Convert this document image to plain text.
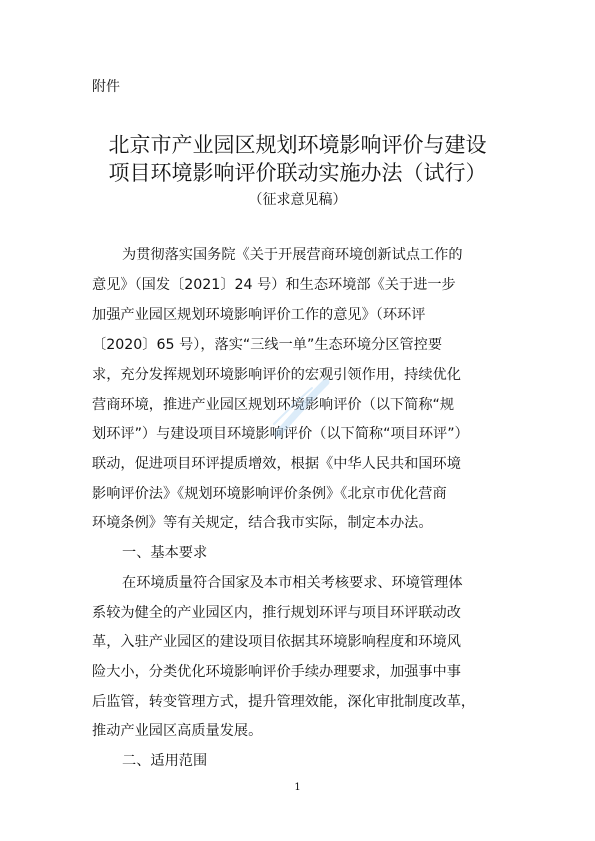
附件
北京市产业园区规划环境影响评价与建设
项目环境影响评价联动实施办法（试行）
（征求意见稿）
为贯彻落实国务院《关于开展营商环境创新试点工作的
意见》（国发〔2021〕24 号）和生态环境部《关于进一步
加强产业园区规划环境影响评价工作的意见》（环环评
〔2020〕65 号），落实“三线一单”生态环境分区管控要
求，充分发挥规划环境影响评价的宏观引领作用，持续优化
营商环境，推进产业园区规划环境影响评价（以下简称“规
划环评”）与建设项目环境影响评价（以下简称“项目环评”）
联动，促进项目环评提质增效，根据《中华人民共和国环境
影响评价法》《规划环境影响评价条例》《北京市优化营商
环境条例》等有关规定，结合我市实际，制定本办法。
一、基本要求
在环境质量符合国家及本市相关考核要求、环境管理体
系较为健全的产业园区内，推行规划环评与项目环评联动改
革，入驻产业园区的建设项目依据其环境影响程度和环境风
险大小，分类优化环境影响评价手续办理要求，加强事中事
后监管，转变管理方式，提升管理效能，深化审批制度改革，
推动产业园区高质量发展。
二、适用范围
1
